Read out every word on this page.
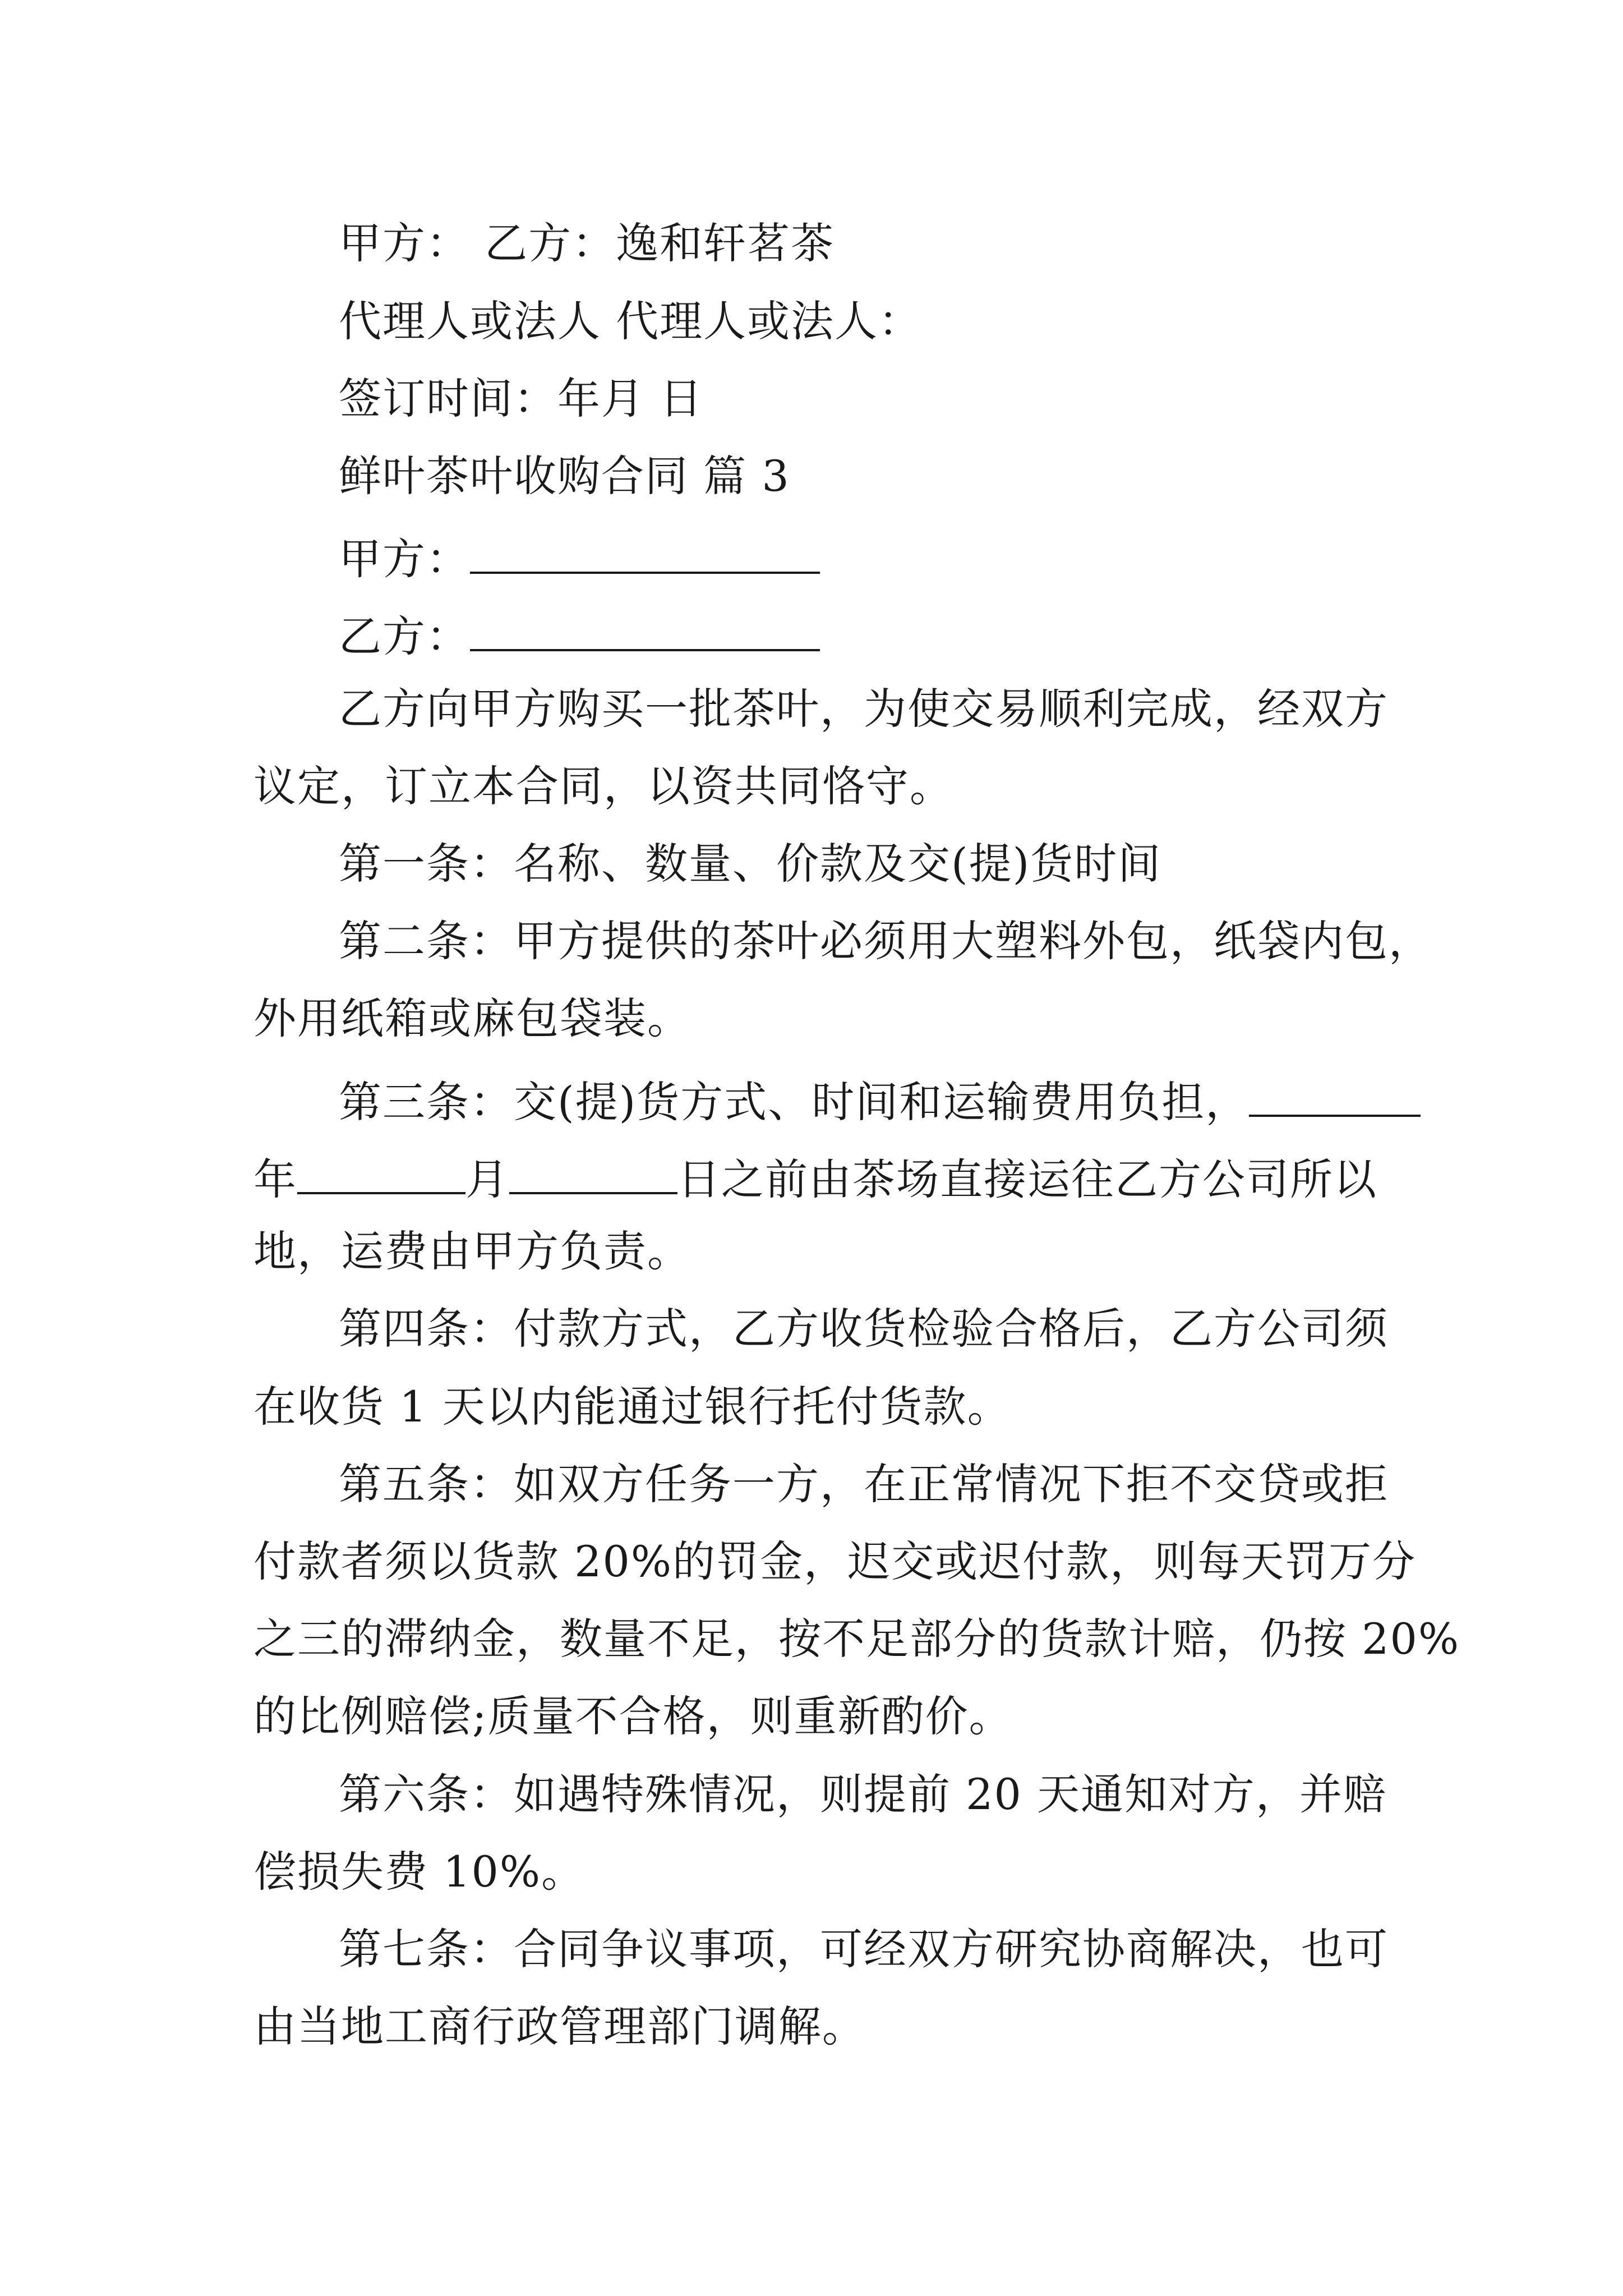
甲方： 乙方：逸和轩茗茶
代理人或法人 代理人或法人：
签订时间：年月 日
鲜叶茶叶收购合同 篇 3
甲方：
乙方：
乙方向甲方购买一批茶叶，为使交易顺利完成，经双方
议定，订立本合同，以资共同恪守。
第一条：名称、数量、价款及交(提)货时间
第二条：甲方提供的茶叶必须用大塑料外包，纸袋内包，
外用纸箱或麻包袋装。
第三条：交(提)货方式、时间和运输费用负担，
年	月	日之前由茶场直接运往乙方公司所以
地，运费由甲方负责。
第四条：付款方式，乙方收货检验合格后，乙方公司须
在收货 1 天以内能通过银行托付货款。
第五条：如双方任务一方，在正常情况下拒不交贷或拒
付款者须以货款 20%的罚金，迟交或迟付款，则每天罚万分
之三的滞纳金，数量不足，按不足部分的货款计赔，仍按 20%
的比例赔偿;质量不合格，则重新酌价。
第六条：如遇特殊情况，则提前 20 天通知对方，并赔
偿损失费 10%。
第七条：合同争议事项，可经双方研究协商解决，也可
由当地工商行政管理部门调解。
